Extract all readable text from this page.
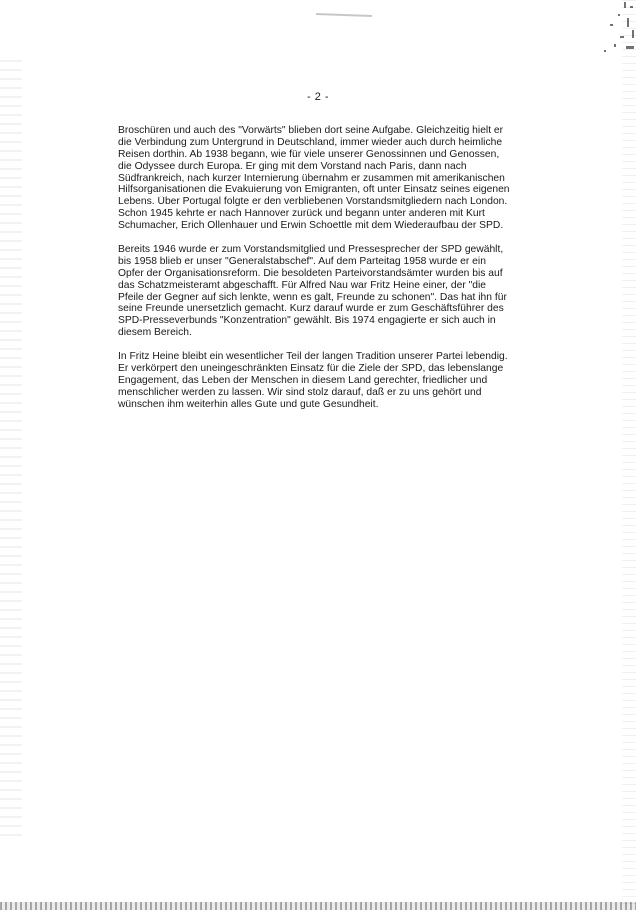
- 2 -
Broschüren und auch des "Vorwärts" blieben dort seine Aufgabe. Gleichzeitig hielt er
die Verbindung zum Untergrund in Deutschland, immer wieder auch durch heimliche
Reisen dorthin. Ab 1938 begann, wie für viele unserer Genossinnen und Genossen,
die Odyssee durch Europa. Er ging mit dem Vorstand nach Paris, dann nach
Südfrankreich, nach kurzer Internierung übernahm er zusammen mit amerikanischen
Hilfsorganisationen die Evakuierung von Emigranten, oft unter Einsatz seines eigenen
Lebens. Über Portugal folgte er den verbliebenen Vorstandsmitgliedern nach London.
Schon 1945 kehrte er nach Hannover zurück und begann unter anderen mit Kurt
Schumacher, Erich Ollenhauer und Erwin Schoettle mit dem Wiederaufbau der SPD.
Bereits 1946 wurde er zum Vorstandsmitglied und Pressesprecher der SPD gewählt,
bis 1958 blieb er unser "Generalstabschef". Auf dem Parteitag 1958 wurde er ein
Opfer der Organisationsreform. Die besoldeten Parteivorstandsämter wurden bis auf
das Schatzmeisteramt abgeschafft. Für Alfred Nau war Fritz Heine einer, der "die
Pfeile der Gegner auf sich lenkte, wenn es galt, Freunde zu schonen". Das hat ihn für
seine Freunde unersetzlich gemacht. Kurz darauf wurde er zum Geschäftsführer des
SPD-Presseverbunds "Konzentration" gewählt. Bis 1974 engagierte er sich auch in
diesem Bereich.
In Fritz Heine bleibt ein wesentlicher Teil der langen Tradition unserer Partei lebendig.
Er verkörpert den uneingeschränkten Einsatz für die Ziele der SPD, das lebenslange
Engagement, das Leben der Menschen in diesem Land gerechter, friedlicher und
menschlicher werden zu lassen. Wir sind stolz darauf, daß er zu uns gehört und
wünschen ihm weiterhin alles Gute und gute Gesundheit.
